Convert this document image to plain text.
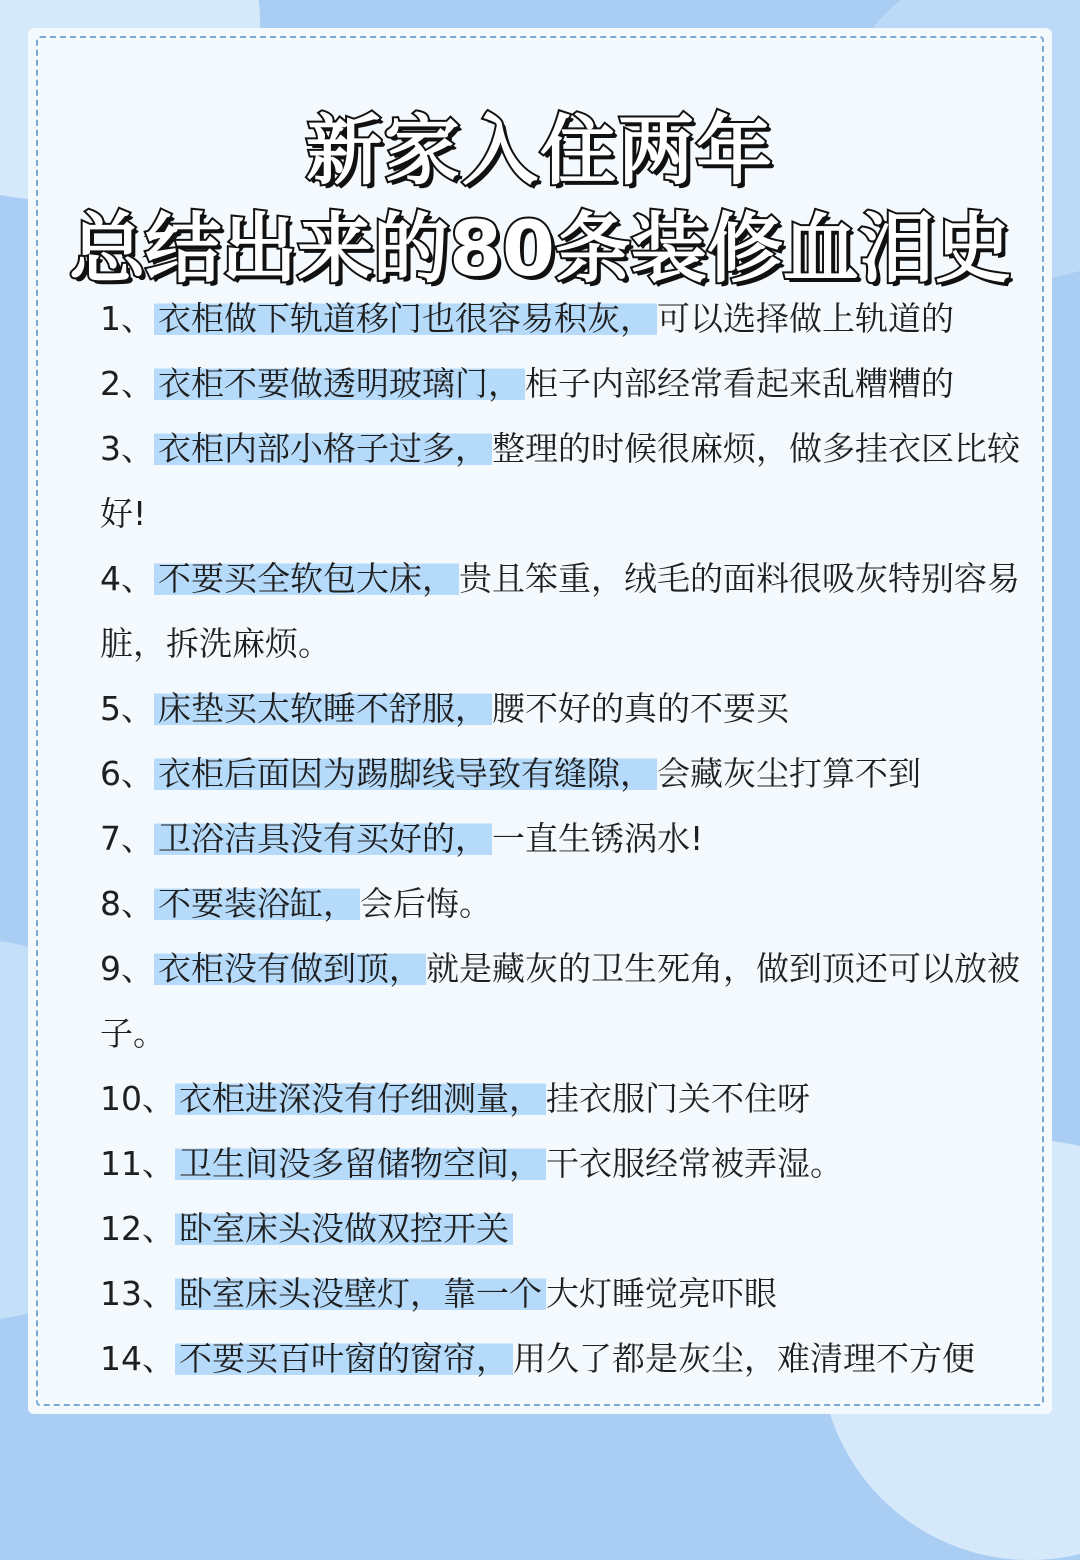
新家入住两年
总结出来的80条装修血泪史

1、 衣柜做下轨道移门也很容易积灰， 可以选择做上轨道的

2、 衣柜不要做透明玻璃门， 柜子内部经常看起来乱糟糟的

3、 衣柜内部小格子过多， 整理的时候很麻烦，做多挂衣区比较好!

4、 不要买全软包大床， 贵且笨重，绒毛的面料很吸灰特别容易脏，拆洗麻烦。

5、 床垫买太软睡不舒服， 腰不好的真的不要买

6、 衣柜后面因为踢脚线导致有缝隙， 会藏灰尘打算不到

7、 卫浴洁具没有买好的， 一直生锈涡水!

8、 不要装浴缸， 会后悔。

9、 衣柜没有做到顶， 就是藏灰的卫生死角，做到顶还可以放被子。

10、 衣柜进深没有仔细测量， 挂衣服门关不住呀

11、 卫生间没多留储物空间， 干衣服经常被弄湿。

12、 卧室床头没做双控开关

13、 卧室床头没壁灯，靠一个 大灯睡觉亮吓眼

14、 不要买百叶窗的窗帘， 用久了都是灰尘，难清理不方便
